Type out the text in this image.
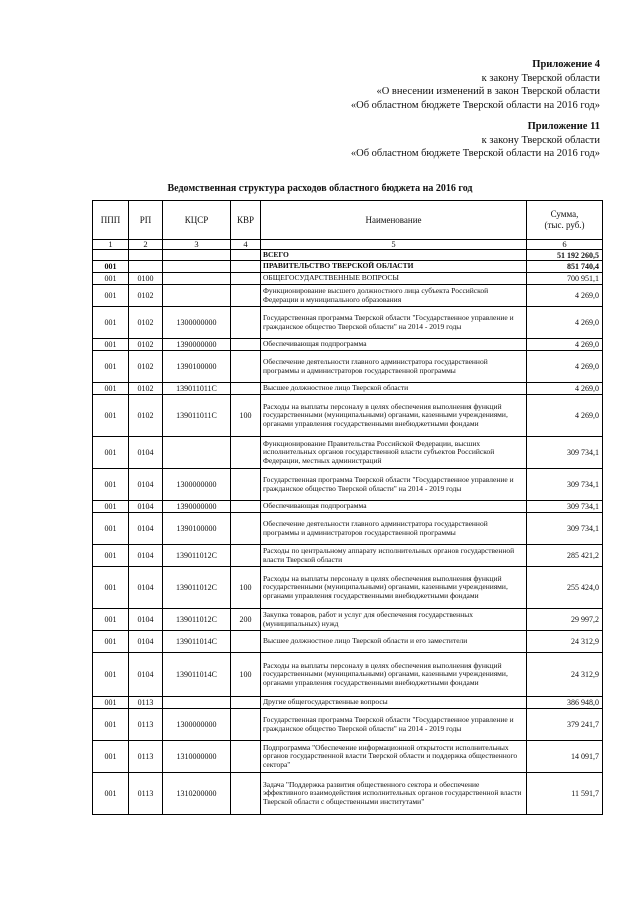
Приложение 4
к закону Тверской области
«О внесении изменений в закон Тверской области
«Об областном бюджете Тверской области на 2016 год»
Приложение 11
к закону Тверской области
«Об областном бюджете Тверской области на 2016 год»
Ведомственная структура расходов областного бюджета на 2016 год
ППП	РП	КЦСР	КВР	Наименование	Сумма,
(тыс. руб.)
1	2	3	4	5	6
				ВСЕГО	51 192 260,5
001				ПРАВИТЕЛЬСТВО ТВЕРСКОЙ ОБЛАСТИ	851 740,4
001	0100			ОБЩЕГОСУДАРСТВЕННЫЕ ВОПРОСЫ	700 951,1
001	0102			Функционирование высшего должностного лица субъекта Российской Федерации и муниципального образования	4 269,0
001	0102	1300000000		Государственная программа Тверской области "Государственное управление и гражданское общество Тверской области" на 2014 - 2019 годы	4 269,0
001	0102	1390000000		Обеспечивающая подпрограмма	4 269,0
001	0102	1390100000		Обеспечение деятельности главного администратора государственной программы и администраторов государственной программы	4 269,0
001	0102	139011011C		Высшее должностное лицо Тверской области	4 269,0
001	0102	139011011C	100	Расходы на выплаты персоналу в целях обеспечения выполнения функций государственными (муниципальными) органами, казенными учреждениями, органами управления государственными внебюджетными фондами	4 269,0
001	0104			Функционирование Правительства Российской Федерации, высших исполнительных органов государственной власти субъектов Российской Федерации, местных администраций	309 734,1
001	0104	1300000000		Государственная программа Тверской области "Государственное управление и гражданское общество Тверской области" на 2014 - 2019 годы	309 734,1
001	0104	1390000000		Обеспечивающая подпрограмма	309 734,1
001	0104	1390100000		Обеспечение деятельности главного администратора государственной программы и администраторов государственной программы	309 734,1
001	0104	139011012C		Расходы по центральному аппарату исполнительных органов государственной власти Тверской области	285 421,2
001	0104	139011012C	100	Расходы на выплаты персоналу в целях обеспечения выполнения функций государственными (муниципальными) органами, казенными учреждениями, органами управления государственными внебюджетными фондами	255 424,0
001	0104	139011012C	200	Закупка товаров, работ и услуг для обеспечения государственных (муниципальных) нужд	29 997,2
001	0104	139011014C		Высшее должностное лицо Тверской области и его заместители	24 312,9
001	0104	139011014C	100	Расходы на выплаты персоналу в целях обеспечения выполнения функций государственными (муниципальными) органами, казенными учреждениями, органами управления государственными внебюджетными фондами	24 312,9
001	0113			Другие общегосударственные вопросы	386 948,0
001	0113	1300000000		Государственная программа Тверской области "Государственное управление и гражданское общество Тверской области" на 2014 - 2019 годы	379 241,7
001	0113	1310000000		Подпрограмма "Обеспечение информационной открытости исполнительных органов государственной власти Тверской области и поддержка общественного сектора"	14 091,7
001	0113	1310200000		Задача "Поддержка развития общественного сектора и обеспечение эффективного взаимодействия исполнительных органов государственной власти Тверской области с общественными институтами"	11 591,7
